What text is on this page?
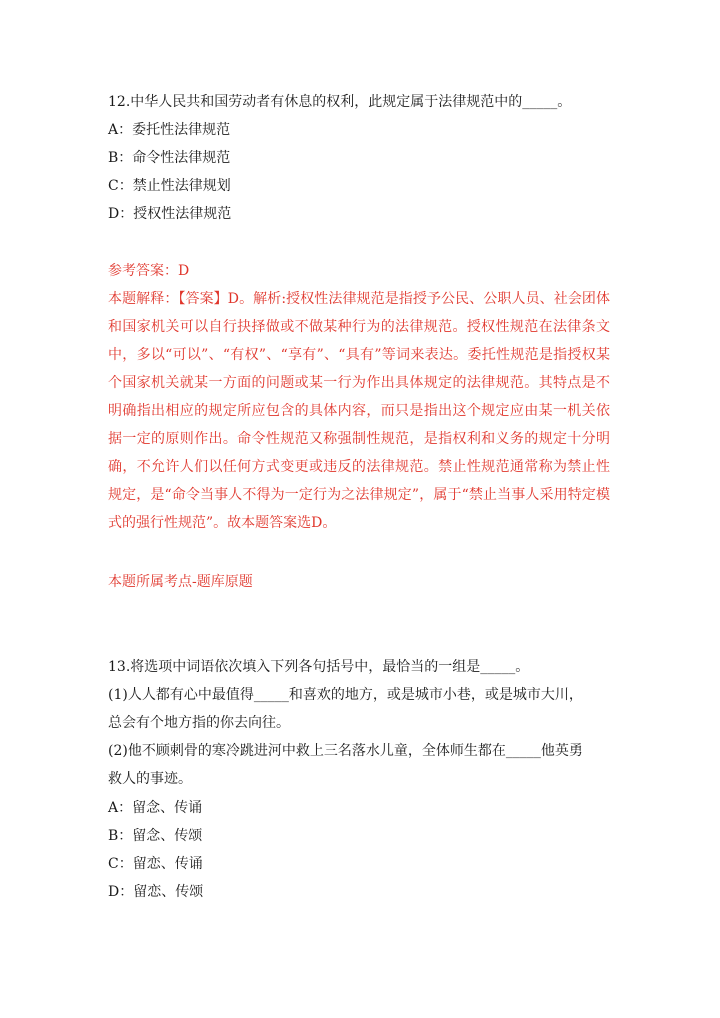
12.中华人民共和国劳动者有休息的权利，此规定属于法律规范中的_____。
A：委托性法律规范
B：命令性法律规范
C：禁止性法律规划
D：授权性法律规范
参考答案：D
本题解释：【答案】D。解析:授权性法律规范是指授予公民、公职人员、社会团体和国家机关可以自行抉择做或不做某种行为的法律规范。授权性规范在法律条文中，多以“可以”、“有权”、“享有”、“具有”等词来表达。委托性规范是指授权某个国家机关就某一方面的问题或某一行为作出具体规定的法律规范。其特点是不明确指出相应的规定所应包含的具体内容，而只是指出这个规定应由某一机关依据一定的原则作出。命令性规范又称强制性规范，是指权利和义务的规定十分明确，不允许人们以任何方式变更或违反的法律规范。禁止性规范通常称为禁止性规定，是“命令当事人不得为一定行为之法律规定”，属于“禁止当事人采用特定模式的强行性规范”。故本题答案选D。
本题所属考点-题库原题
13.将选项中词语依次填入下列各句括号中，最恰当的一组是_____。
(1)人人都有心中最值得_____和喜欢的地方，或是城市小巷，或是城市大川，
总会有个地方指的你去向往。
(2)他不顾刺骨的寒冷跳进河中救上三名落水儿童，全体师生都在_____他英勇
救人的事迹。
A：留念、传诵
B：留念、传颂
C：留恋、传诵
D：留恋、传颂
